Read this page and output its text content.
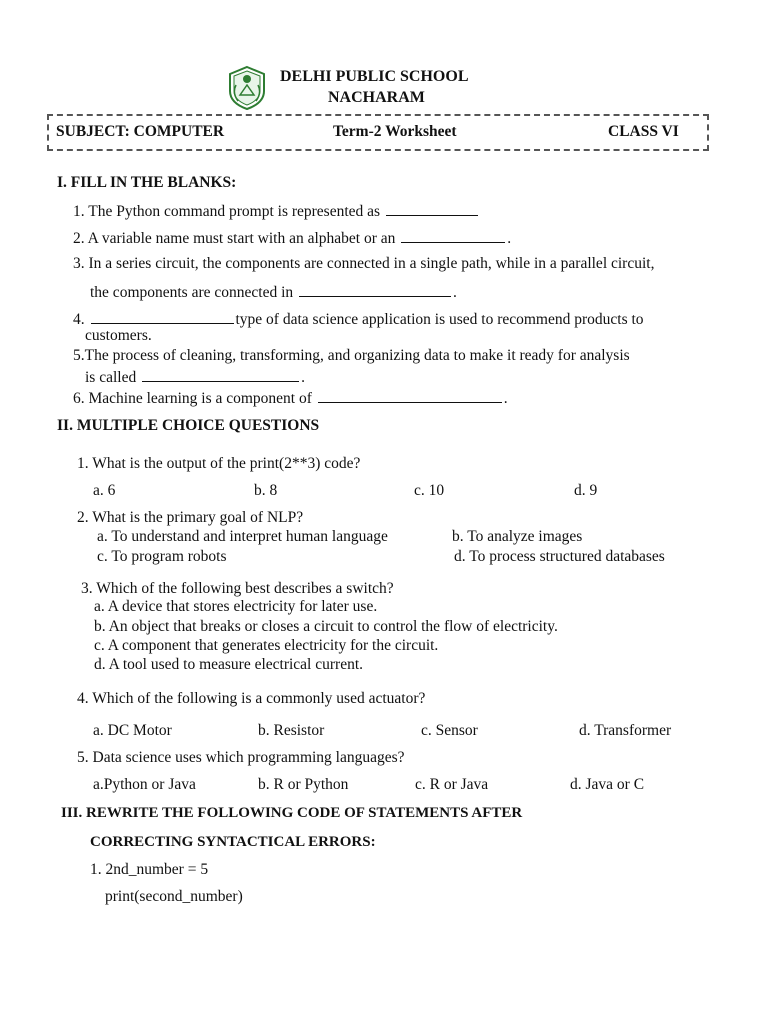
DELHI PUBLIC SCHOOL
NACHARAM
SUBJECT: COMPUTER	Term-2 Worksheet	CLASS VI
I. FILL IN THE BLANKS:
1. The Python command prompt is represented as
2. A variable name must start with an alphabet or an	.
3. In a series circuit, the components are connected in a single path, while in a parallel circuit,
the components are connected in	.
4.	type of data science application is used to recommend products to
customers.
5.The process of cleaning, transforming, and organizing data to make it ready for analysis
is called	.
6. Machine learning is a component of	.
II. MULTIPLE CHOICE QUESTIONS
1. What is the output of the print(2**3) code?
a. 6	b. 8	c. 10	d. 9
2. What is the primary goal of NLP?
a. To understand and interpret human language	b. To analyze images
c. To program robots	d. To process structured databases
3. Which of the following best describes a switch?
a. A device that stores electricity for later use.
b. An object that breaks or closes a circuit to control the flow of electricity.
c. A component that generates electricity for the circuit.
d. A tool used to measure electrical current.
4. Which of the following is a commonly used actuator?
a. DC Motor	b. Resistor	c. Sensor	d. Transformer
5. Data science uses which programming languages?
a.Python or Java	b. R or Python	c. R or Java	d. Java or C
III. REWRITE THE FOLLOWING CODE OF STATEMENTS AFTER
CORRECTING SYNTACTICAL ERRORS:
1. 2nd_number = 5
print(second_number)
